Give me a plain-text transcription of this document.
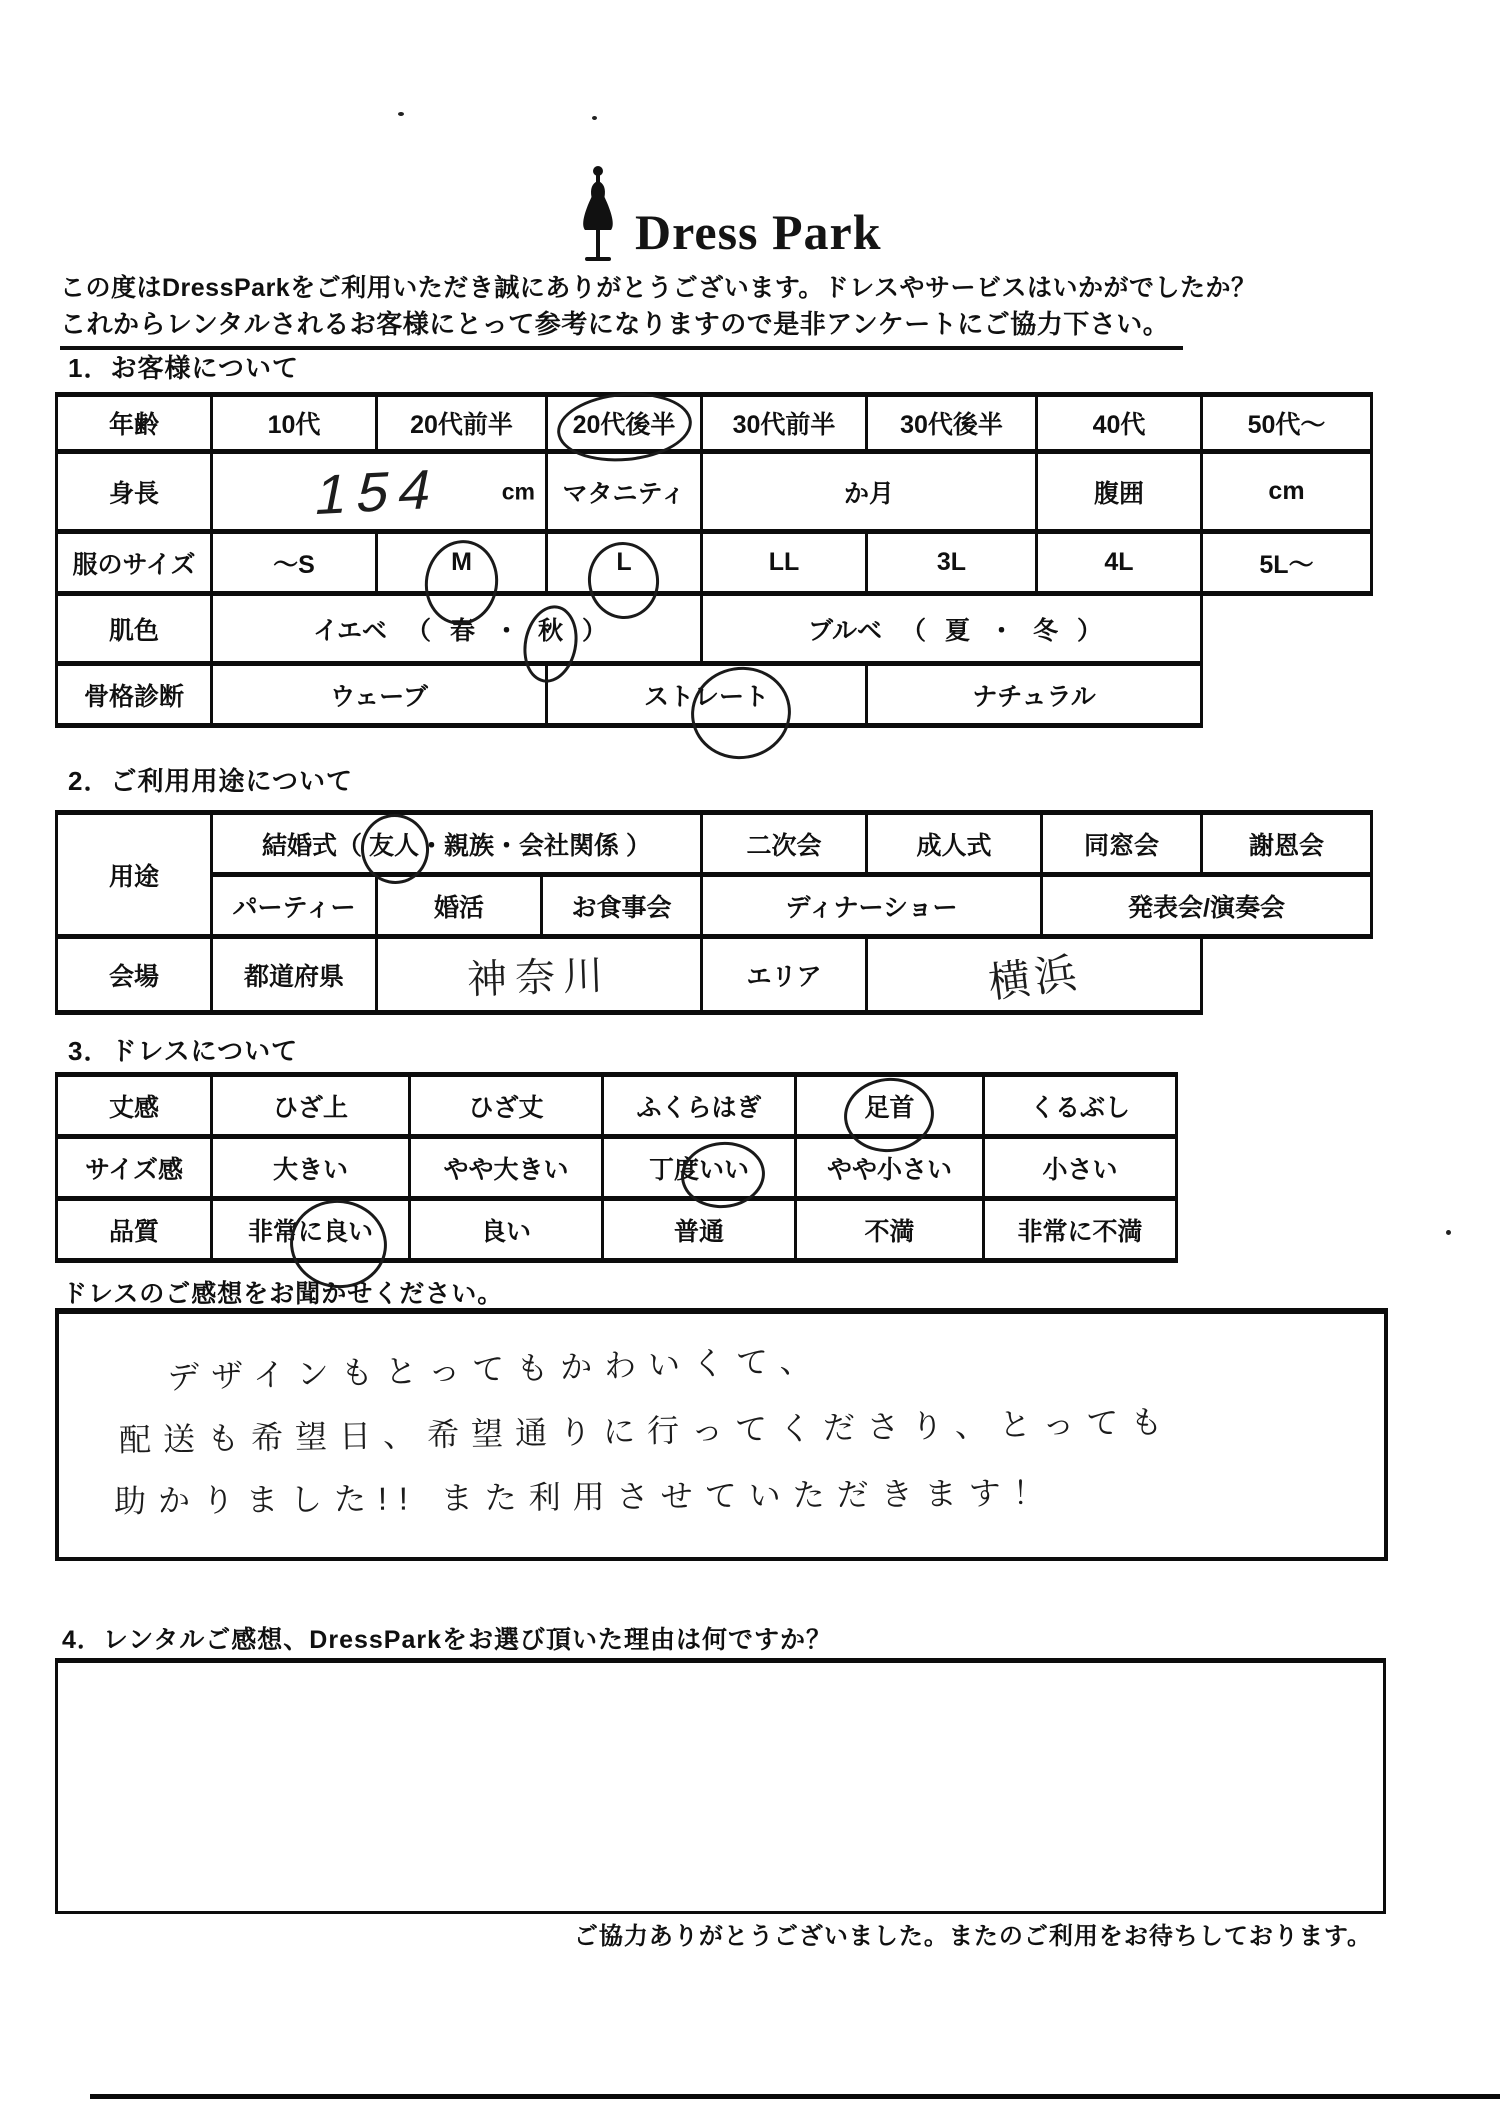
Dress Park
この度はDressParkをご利用いただき誠にありがとうございます。ドレスやサービスはいかがでしたか？
これからレンタルされるお客様にとって参考になりますので是非アンケートにご協力下さい。
1．お客様について
年齢	10代	20代前半	20代後半	30代前半	30代後半	40代	50代～
身長	154 cm		マタニティ	か月		腹囲	cm
服のサイズ	～S	M	L	LL	3L	4L	5L～
肌色	イエベ （ 春 ・ 秋 ）			ブルベ （ 夏 ・ 冬 ）			
骨格診断	ウェーブ		ストレート		ナチュラル		
2．ご利用用途について
用途	結婚式（ 友人・親族・会社関係 ）			二次会	成人式	同窓会	謝恩会
	パーティー	婚活	お食事会	ディナーショー		発表会/演奏会	
会場	都道府県	神奈川		エリア	横浜		
3．ドレスについて
丈感	ひざ上	ひざ丈	ふくらはぎ	足首	くるぶし
サイズ感	大きい	やや大きい	丁度いい	やや小さい	小さい
品質	非常に良い	良い	普通	不満	非常に不満
ドレスのご感想をお聞かせください。
デザインもとってもかわいくて、
配送も希望日、希望通りに行ってくださり、とっても
助かりました!! また利用させていただきます！
4．レンタルご感想、DressParkをお選び頂いた理由は何ですか？
ご協力ありがとうございました。またのご利用をお待ちしております。
